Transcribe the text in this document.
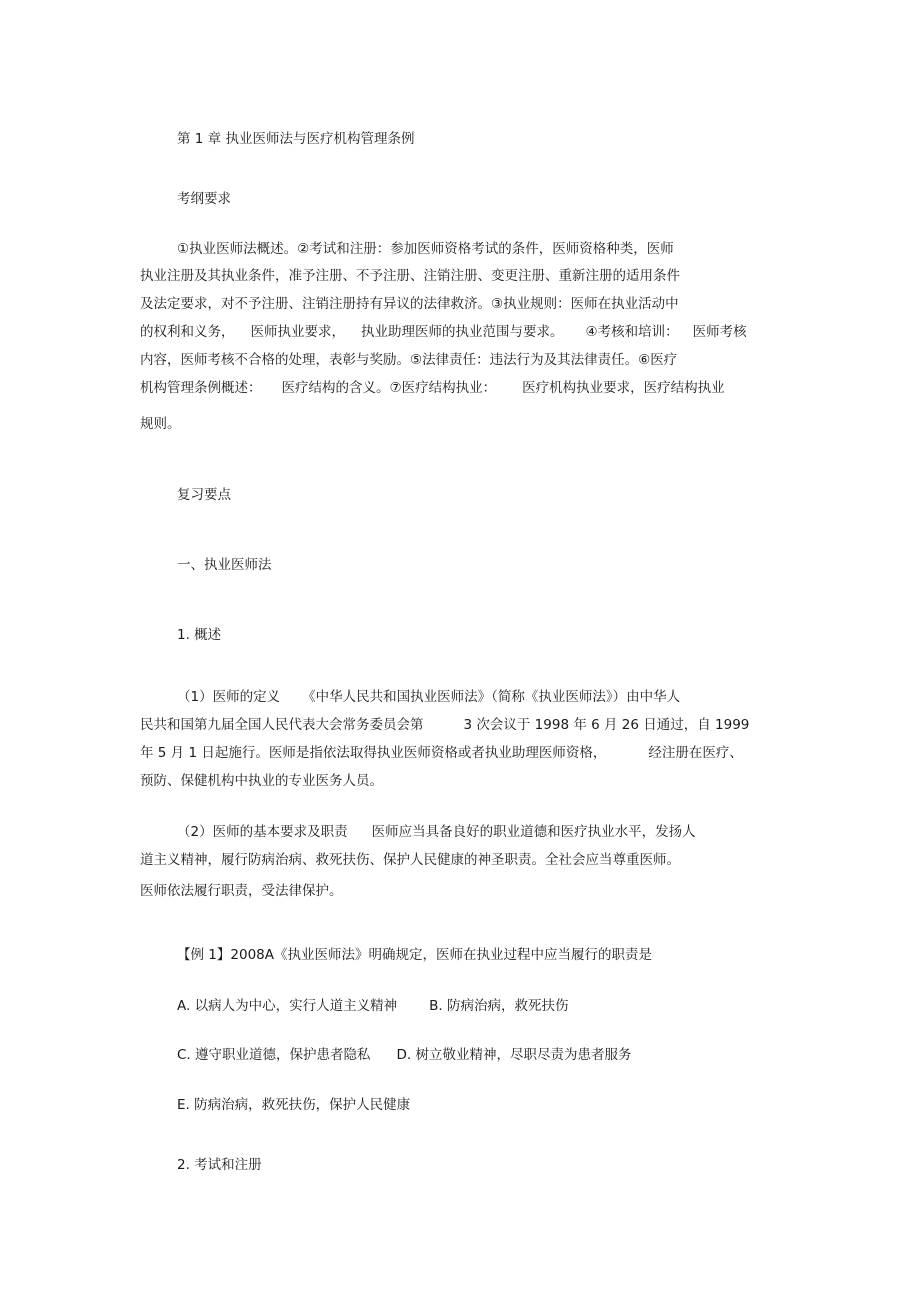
第 1 章 执业医师法与医疗机构管理条例

考纲要求

①执业医师法概述。②考试和注册：参加医师资格考试的条件，医师资格种类，医师

执业注册及其执业条件，准予注册、不予注册、注销注册、变更注册、重新注册的适用条件

及法定要求，对不予注册、注销注册持有异议的法律救济。③执业规则：医师在执业活动中

的权利和义务， 医师执业要求， 执业助理医师的执业范围与要求。 ④考核和培训： 医师考核

内容，医师考核不合格的处理，表彰与奖励。⑤法律责任：违法行为及其法律责任。⑥医疗

机构管理条例概述： 医疗结构的含义。⑦医疗结构执业： 医疗机构执业要求，医疗结构执业

规则。

复习要点

一、执业医师法

1. 概述

（1）医师的定义 《中华人民共和国执业医师法》（简称《执业医师法》）由中华人

民共和国第九届全国人民代表大会常务委员会第	3 次会议于 1998 年 6 月 26 日通过，自 1999

年 5 月 1 日起施行。医师是指依法取得执业医师资格或者执业助理医师资格，	经注册在医疗、

预防、保健机构中执业的专业医务人员。

（2）医师的基本要求及职责 医师应当具备良好的职业道德和医疗执业水平，发扬人

道主义精神，履行防病治病、救死扶伤、保护人民健康的神圣职责。全社会应当尊重医师。

医师依法履行职责，受法律保护。

【例 1】2008A《执业医师法》明确规定，医师在执业过程中应当履行的职责是

A. 以病人为中心，实行人道主义精神 B. 防病治病，救死扶伤

C. 遵守职业道德，保护患者隐私 D. 树立敬业精神，尽职尽责为患者服务

E. 防病治病，救死扶伤，保护人民健康

2. 考试和注册
